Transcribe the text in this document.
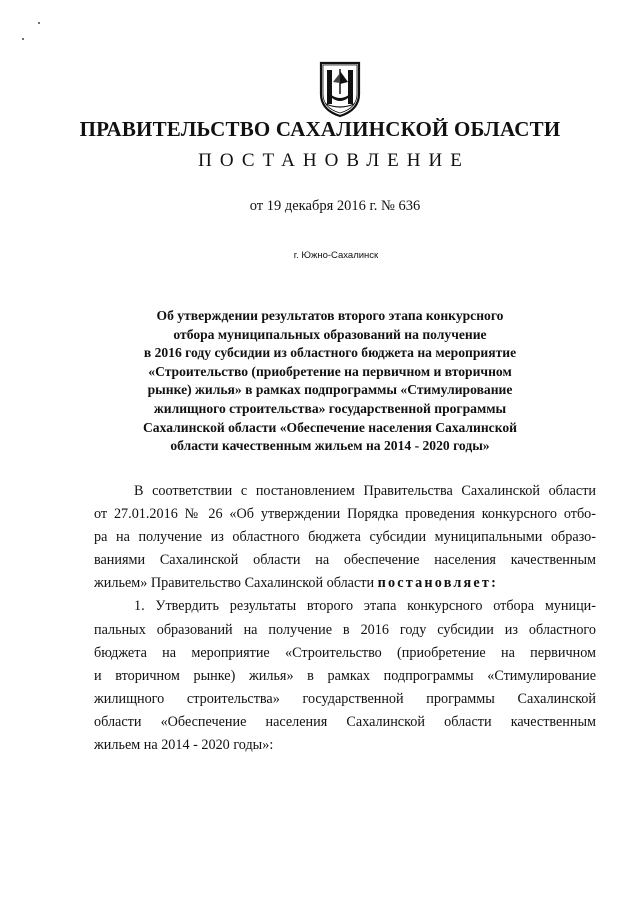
ПРАВИТЕЛЬСТВО САХАЛИНСКОЙ ОБЛАСТИ
ПОСТАНОВЛЕНИЕ
от 19 декабря 2016 г. № 636
г. Южно-Сахалинск
Об утверждении результатов второго этапа конкурсного
отбора муниципальных образований на получение
в 2016 году субсидии из областного бюджета на мероприятие
«Строительство (приобретение на первичном и вторичном
рынке) жилья» в рамках подпрограммы «Стимулирование
жилищного строительства» государственной программы
Сахалинской области «Обеспечение населения Сахалинской
области качественным жильем на 2014 - 2020 годы»
В соответствии с постановлением Правительства Сахалинской области
от 27.01.2016 № 26 «Об утверждении Порядка проведения конкурсного отбо-
ра на получение из областного бюджета субсидии муниципальными образо-
ваниями Сахалинской области на обеспечение населения качественным
жильем» Правительство Сахалинской области постановляет:
1. Утвердить результаты второго этапа конкурсного отбора муници-
пальных образований на получение в 2016 году субсидии из областного
бюджета на мероприятие «Строительство (приобретение на первичном
и вторичном рынке) жилья» в рамках подпрограммы «Стимулирование
жилищного строительства» государственной программы Сахалинской
области «Обеспечение населения Сахалинской области качественным
жильем на 2014 - 2020 годы»:
